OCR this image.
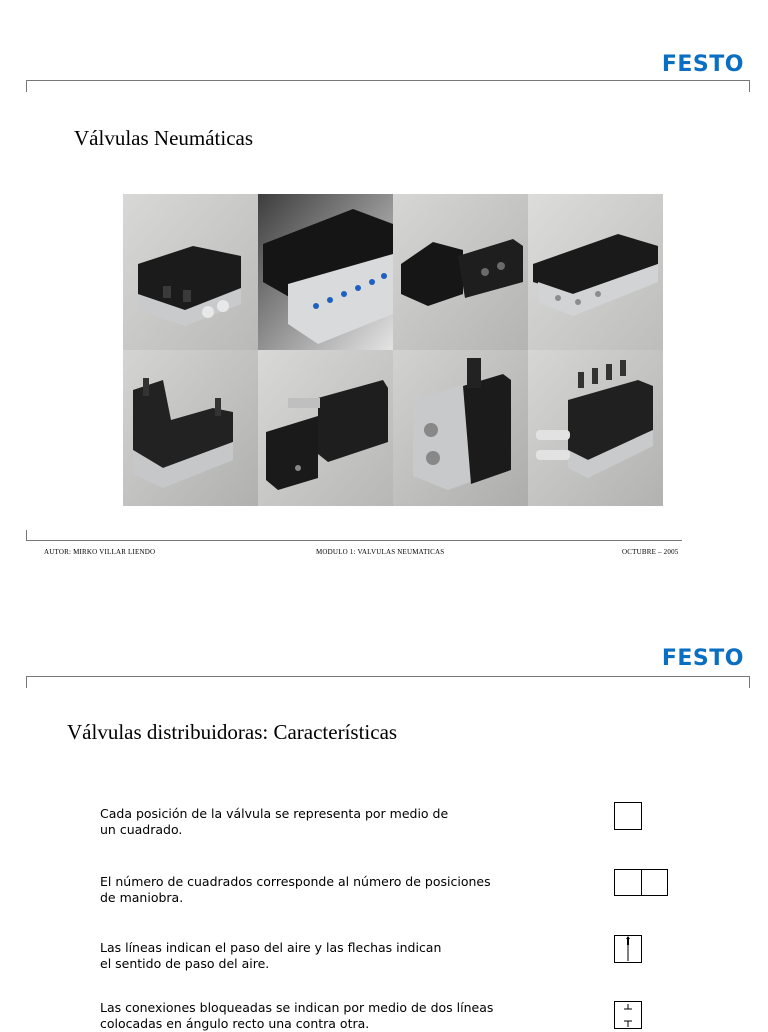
FESTO
Válvulas Neumáticas
AUTOR: MIRKO VILLAR LIENDO	MODULO 1: VALVULAS NEUMATICAS	OCTUBRE – 2005
FESTO
Válvulas distribuidoras: Características
Cada posición de la válvula se representa por medio de
un cuadrado.
El número de cuadrados corresponde al número de posiciones
de maniobra.
Las líneas indican el paso del aire y las flechas indican
el sentido de paso del aire.
Las conexiones bloqueadas se indican por medio de dos líneas
colocadas en ángulo recto una contra otra.
